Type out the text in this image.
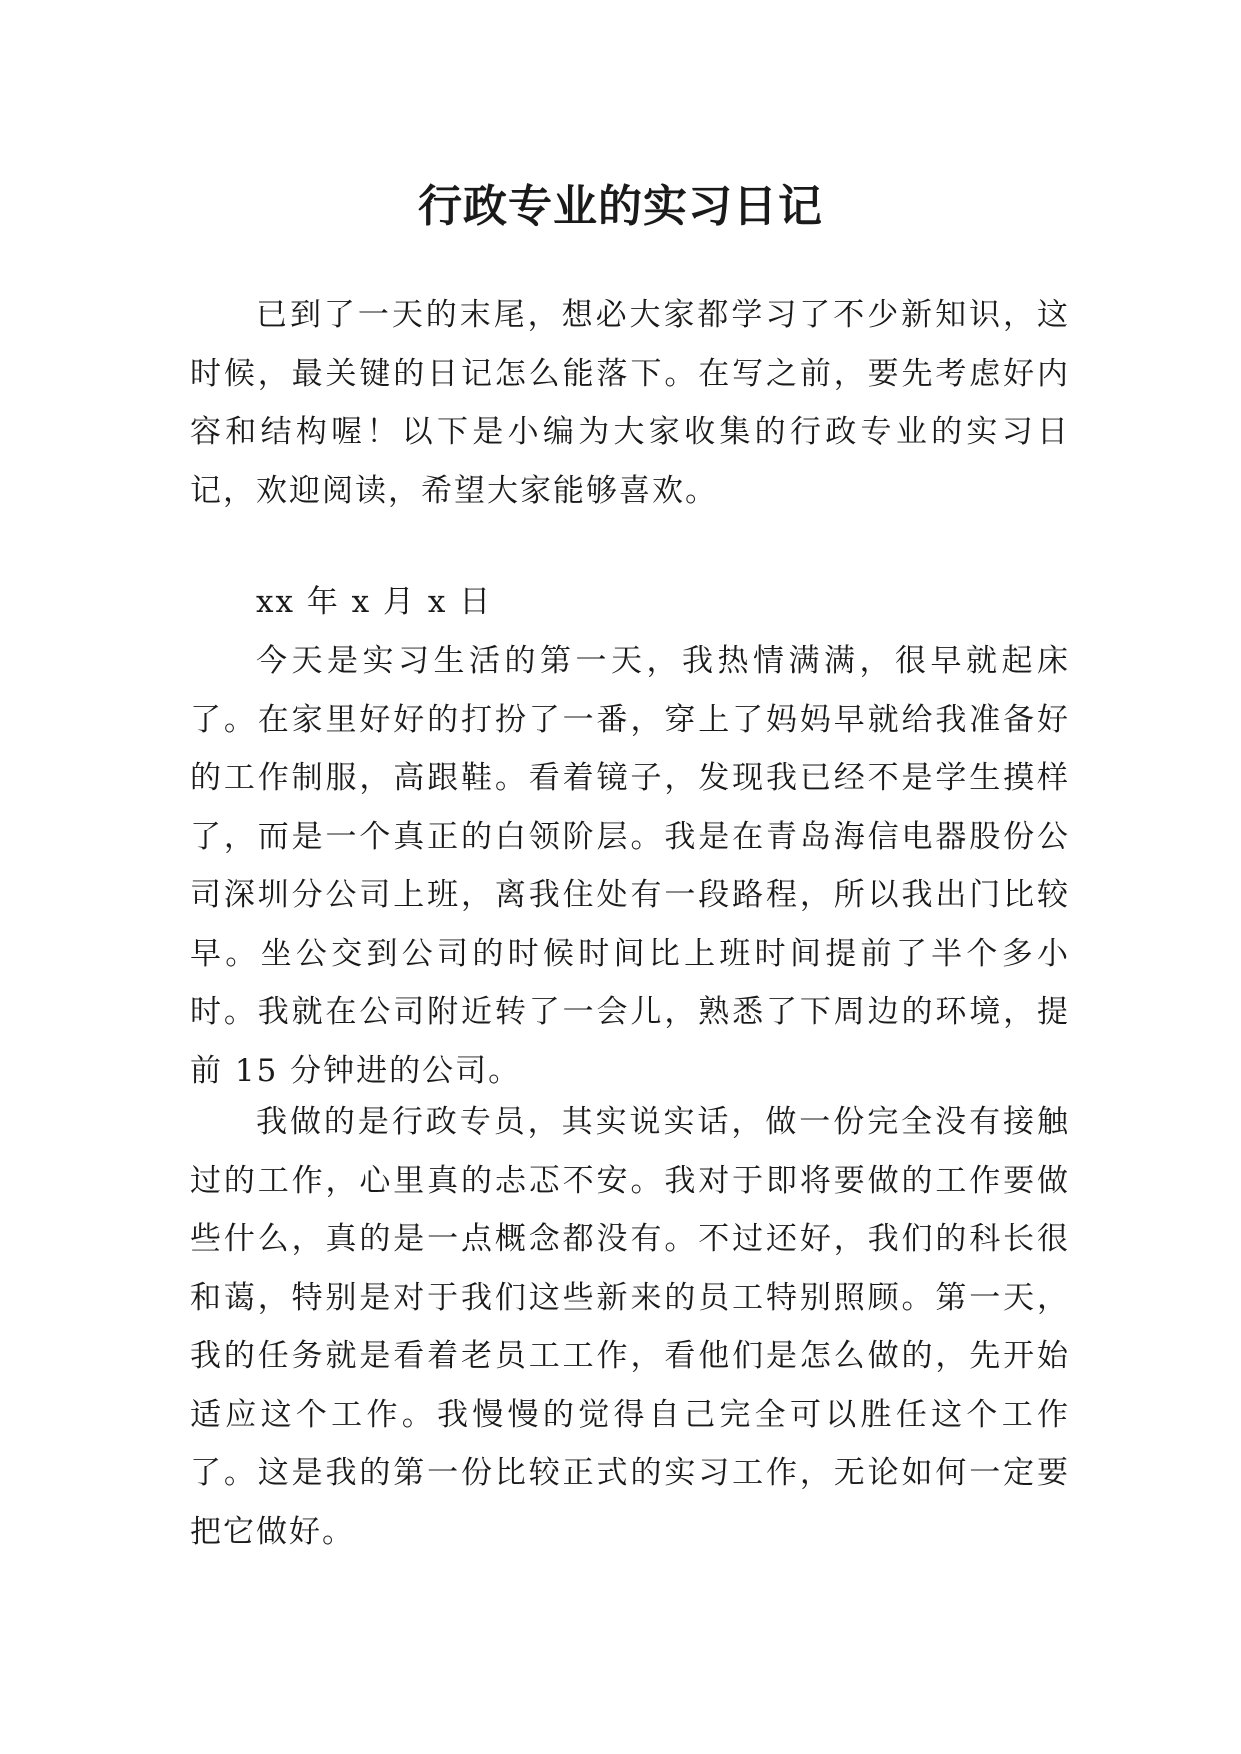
行政专业的实习日记

已到了一天的末尾，想必大家都学习了不少新知识，这时候，最关键的日记怎么能落下。在写之前，要先考虑好内容和结构喔！以下是小编为大家收集的行政专业的实习日记，欢迎阅读，希望大家能够喜欢。

xx 年 x 月 x 日

今天是实习生活的第一天，我热情满满，很早就起床了。在家里好好的打扮了一番，穿上了妈妈早就给我准备好的工作制服，高跟鞋。看着镜子，发现我已经不是学生摸样了，而是一个真正的白领阶层。我是在青岛海信电器股份公司深圳分公司上班，离我住处有一段路程，所以我出门比较早。坐公交到公司的时候时间比上班时间提前了半个多小时。我就在公司附近转了一会儿，熟悉了下周边的环境，提前 15 分钟进的公司。

我做的是行政专员，其实说实话，做一份完全没有接触过的工作，心里真的忐忑不安。我对于即将要做的工作要做些什么，真的是一点概念都没有。不过还好，我们的科长很和蔼，特别是对于我们这些新来的员工特别照顾。第一天，我的任务就是看着老员工工作，看他们是怎么做的，先开始适应这个工作。我慢慢的觉得自己完全可以胜任这个工作了。这是我的第一份比较正式的实习工作，无论如何一定要把它做好。
